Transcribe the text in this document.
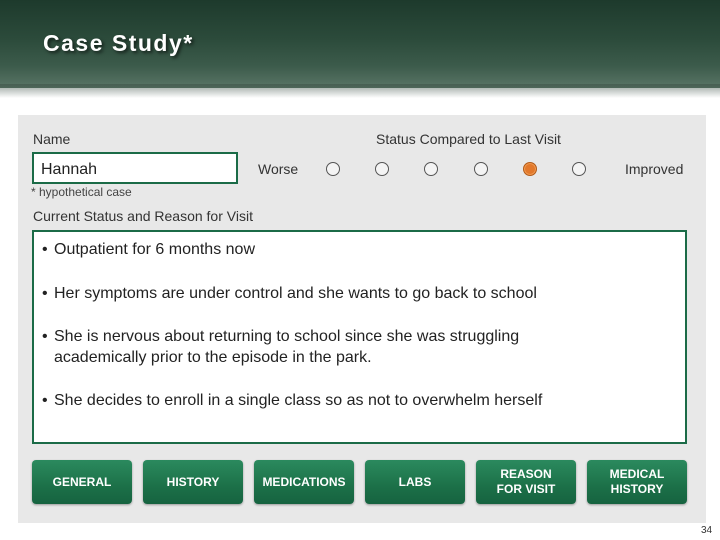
Case Study*
Name	Status Compared to Last Visit
Hannah	Worse	Improved
* hypothetical case
Current Status and Reason for Visit
• Outpatient for 6 months now
• Her symptoms are under control and she wants to go back to school
• She is nervous about returning to school since she was struggling academically prior to the episode in the park.
• She decides to enroll in a single class so as not to overwhelm herself
GENERAL	HISTORY	MEDICATIONS	LABS
REASON FOR VISIT
MEDICAL HISTORY
34
